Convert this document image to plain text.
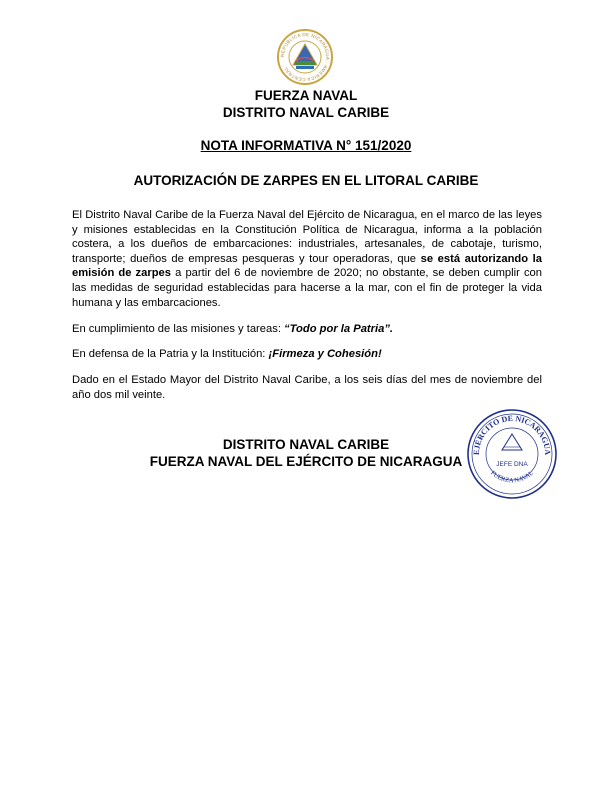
REPÚBLICA DE NICARAGUA · AMÉRICA CENTRAL
FUERZA NAVAL
DISTRITO NAVAL CARIBE
NOTA INFORMATIVA N° 151/2020
AUTORIZACIÓN DE ZARPES EN EL LITORAL CARIBE
El Distrito Naval Caribe de la Fuerza Naval del Ejército de Nicaragua, en el marco de las leyes y misiones establecidas en la Constitución Política de Nicaragua, informa a la población costera, a los dueños de embarcaciones: industriales, artesanales, de cabotaje, turismo, transporte; dueños de empresas pesqueras y tour operadoras, que se está autorizando la emisión de zarpes a partir del 6 de noviembre de 2020; no obstante, se deben cumplir con las medidas de seguridad establecidas para hacerse a la mar, con el fin de proteger la vida humana y las embarcaciones.
En cumplimiento de las misiones y tareas: “Todo por la Patria”.
En defensa de la Patria y la Institución: ¡Firmeza y Cohesión!
Dado en el Estado Mayor del Distrito Naval Caribe, a los seis días del mes de noviembre del año dos mil veinte.
DISTRITO NAVAL CARIBE
FUERZA NAVAL DEL EJÉRCITO DE NICARAGUA
EJÉRCITO DE NICARAGUA
FUERZA NAVAL
JEFE DNA
